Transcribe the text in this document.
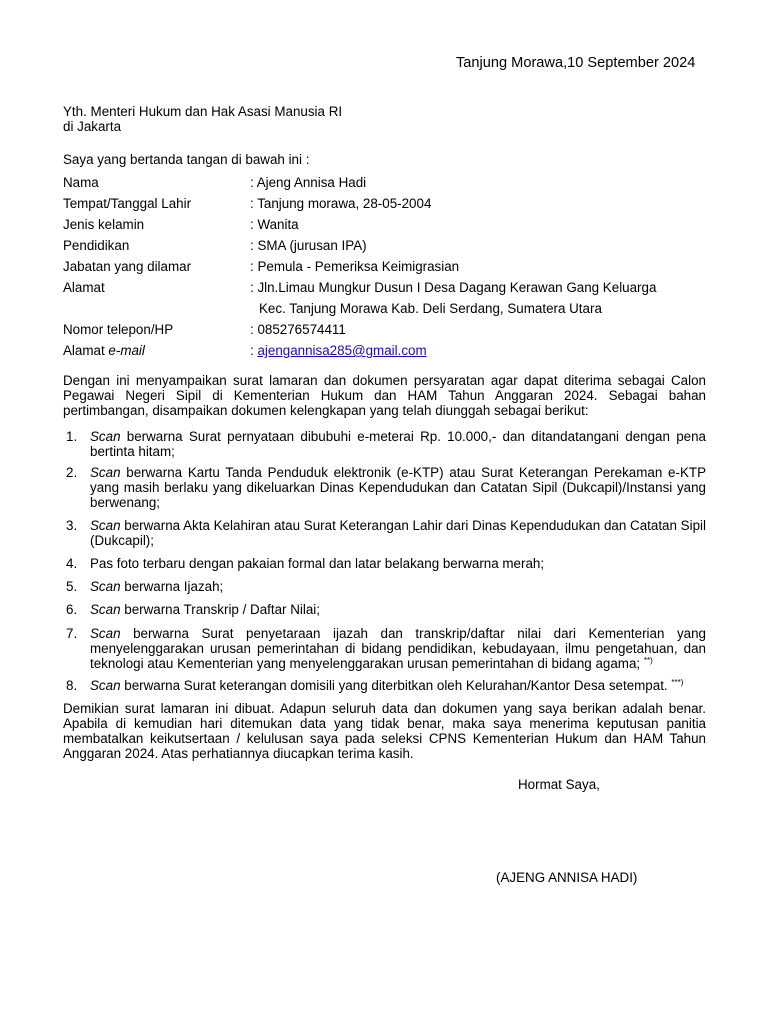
Tanjung Morawa,10 September 2024
Yth. Menteri Hukum dan Hak Asasi Manusia RI
di Jakarta
Saya yang bertanda tangan di bawah ini :
Nama	: Ajeng Annisa Hadi
Tempat/Tanggal Lahir	: Tanjung morawa, 28-05-2004
Jenis kelamin	: Wanita
Pendidikan	: SMA (jurusan IPA)
Jabatan yang dilamar	: Pemula - Pemeriksa Keimigrasian
Alamat	: Jln.Limau Mungkur Dusun I Desa Dagang Kerawan Gang Keluarga
Kec. Tanjung Morawa Kab. Deli Serdang, Sumatera Utara
Nomor telepon/HP	: 085276574411
Alamat e-mail	: ajengannisa285@gmail.com
Dengan ini menyampaikan surat lamaran dan dokumen persyaratan agar dapat diterima sebagai Calon Pegawai Negeri Sipil di Kementerian Hukum dan HAM Tahun Anggaran 2024. Sebagai bahan pertimbangan, disampaikan dokumen kelengkapan yang telah diunggah sebagai berikut:
1. Scan berwarna Surat pernyataan dibubuhi e-meterai Rp. 10.000,- dan ditandatangani dengan pena bertinta hitam;
2. Scan berwarna Kartu Tanda Penduduk elektronik (e-KTP) atau Surat Keterangan Perekaman e-KTP yang masih berlaku yang dikeluarkan Dinas Kependudukan dan Catatan Sipil (Dukcapil)/Instansi yang berwenang;
3. Scan berwarna Akta Kelahiran atau Surat Keterangan Lahir dari Dinas Kependudukan dan Catatan Sipil (Dukcapil);
4. Pas foto terbaru dengan pakaian formal dan latar belakang berwarna merah;
5. Scan berwarna Ijazah;
6. Scan berwarna Transkrip / Daftar Nilai;
7. Scan berwarna Surat penyetaraan ijazah dan transkrip/daftar nilai dari Kementerian yang menyelenggarakan urusan pemerintahan di bidang pendidikan, kebudayaan, ilmu pengetahuan, dan teknologi atau Kementerian yang menyelenggarakan urusan pemerintahan di bidang agama; **)
8. Scan berwarna Surat keterangan domisili yang diterbitkan oleh Kelurahan/Kantor Desa setempat. ***)
Demikian surat lamaran ini dibuat. Adapun seluruh data dan dokumen yang saya berikan adalah benar. Apabila di kemudian hari ditemukan data yang tidak benar, maka saya menerima keputusan panitia membatalkan keikutsertaan / kelulusan saya pada seleksi CPNS Kementerian Hukum dan HAM Tahun Anggaran 2024. Atas perhatiannya diucapkan terima kasih.
Hormat Saya,
(AJENG ANNISA HADI)
